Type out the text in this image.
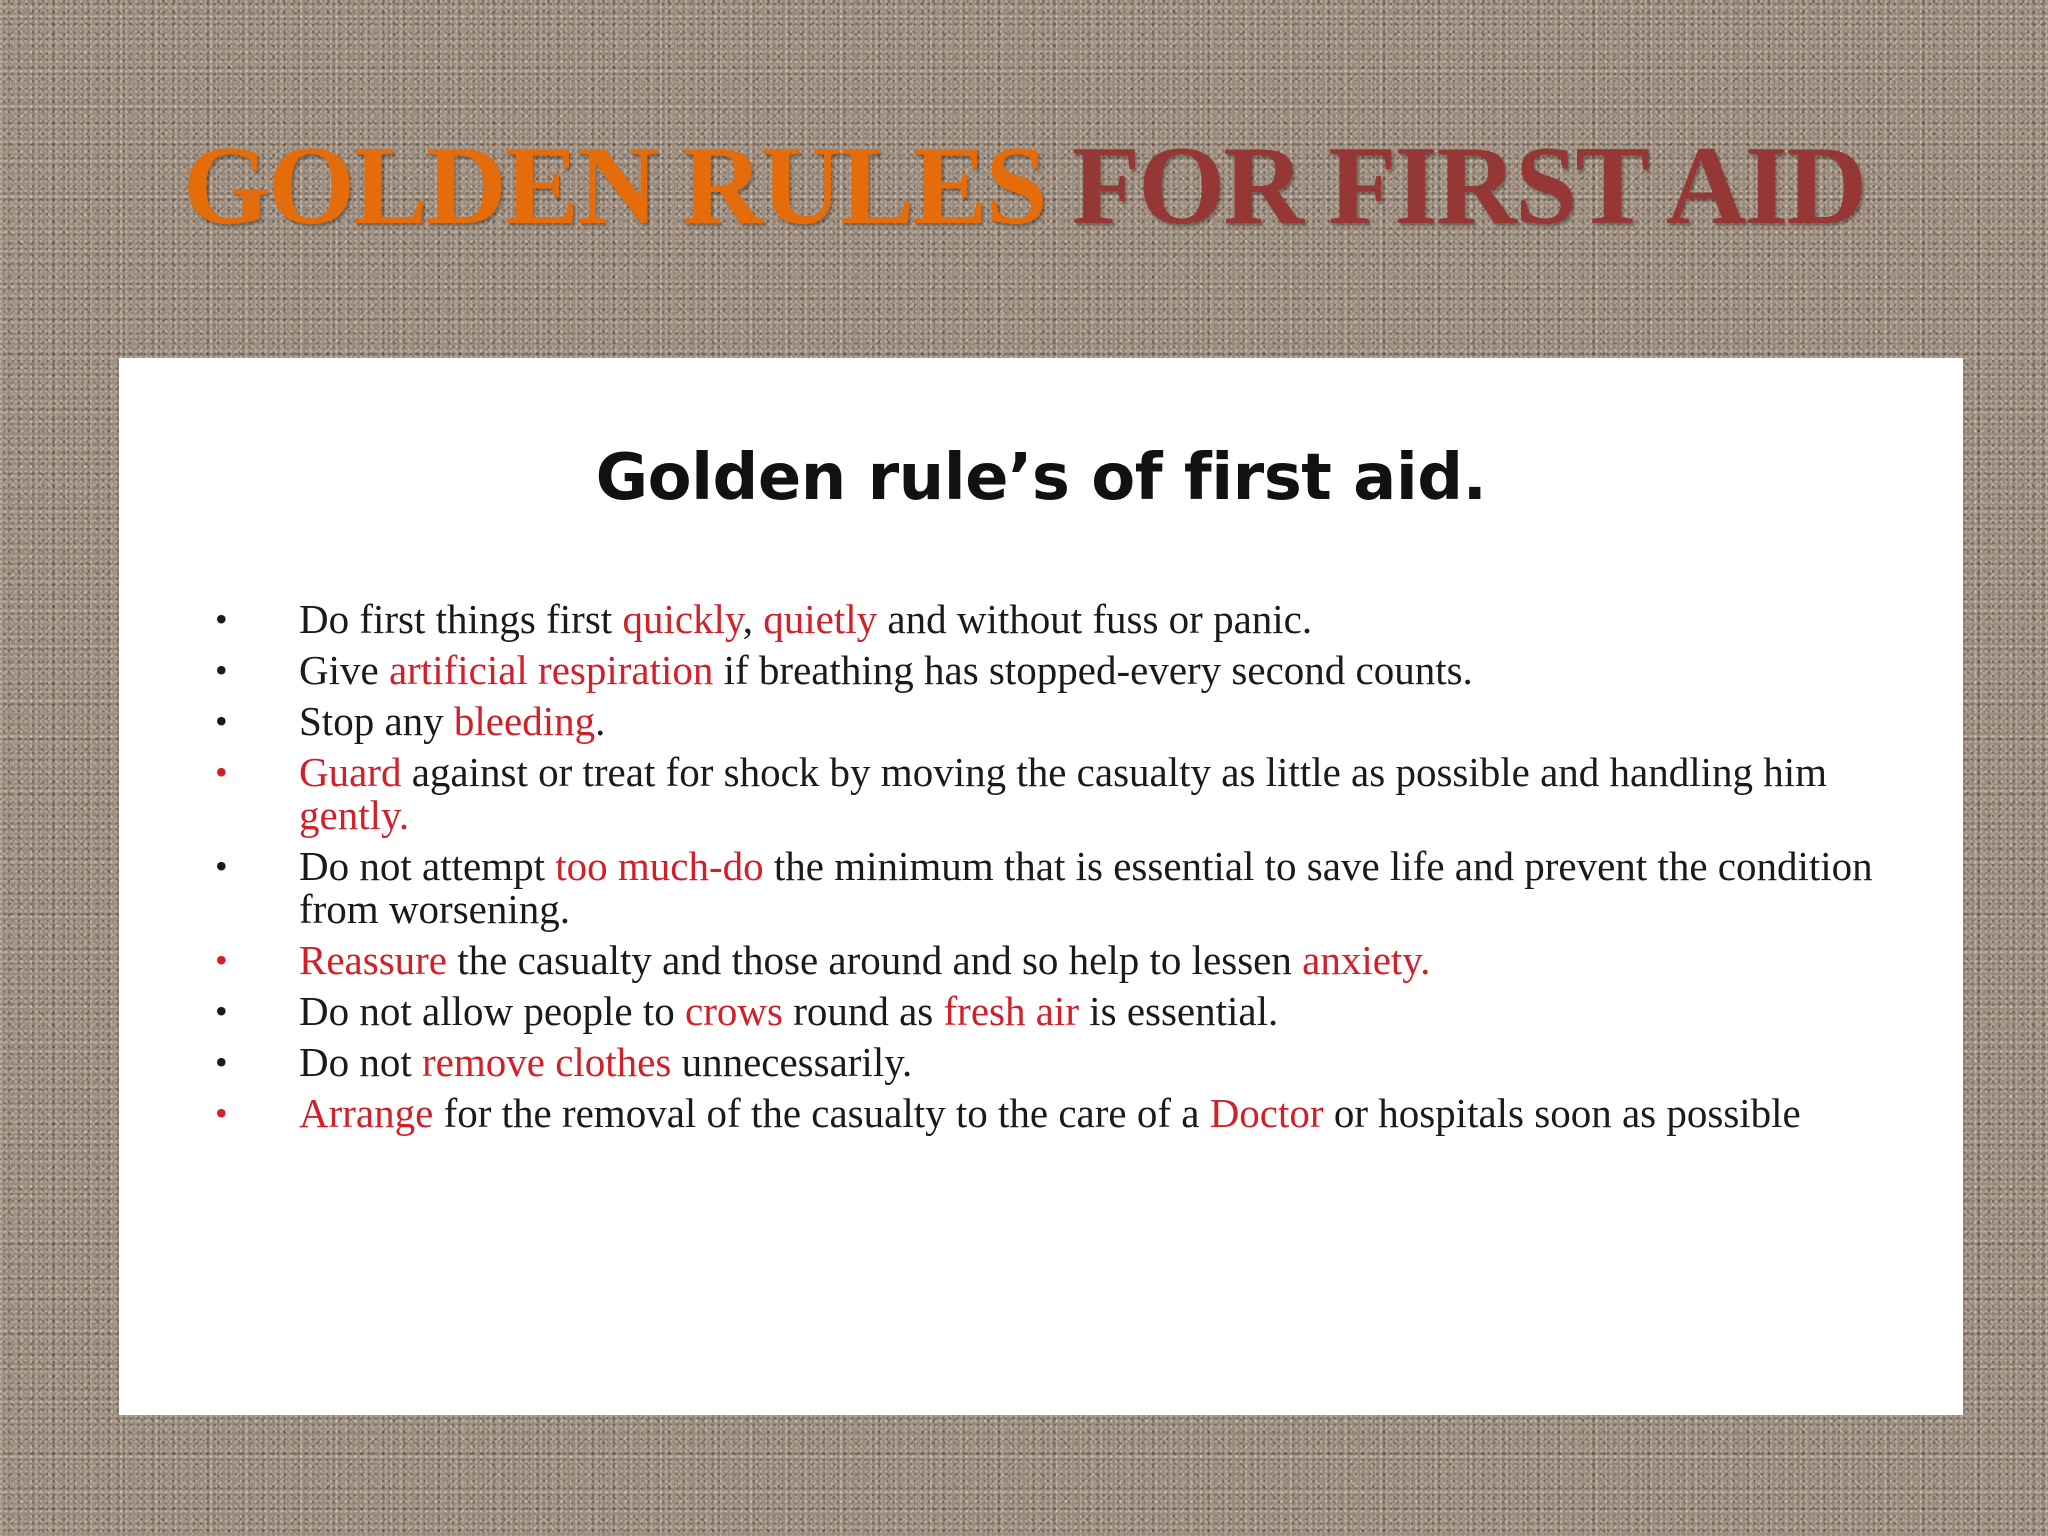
GOLDEN RULES FOR FIRST AID
Golden rule’s of first aid.
•	Do first things first quickly, quietly and without fuss or panic.
•	Give artificial respiration if breathing has stopped-every second counts.
•	Stop any bleeding.
•	Guard against or treat for shock by moving the casualty as little as possible and handling him gently.
•	Do not attempt too much-do the minimum that is essential to save life and prevent the condition from worsening.
•	Reassure the casualty and those around and so help to lessen anxiety.
•	Do not allow people to crows round as fresh air is essential.
•	Do not remove clothes unnecessarily.
•	Arrange for the removal of the casualty to the care of a Doctor or hospitals soon as possible
